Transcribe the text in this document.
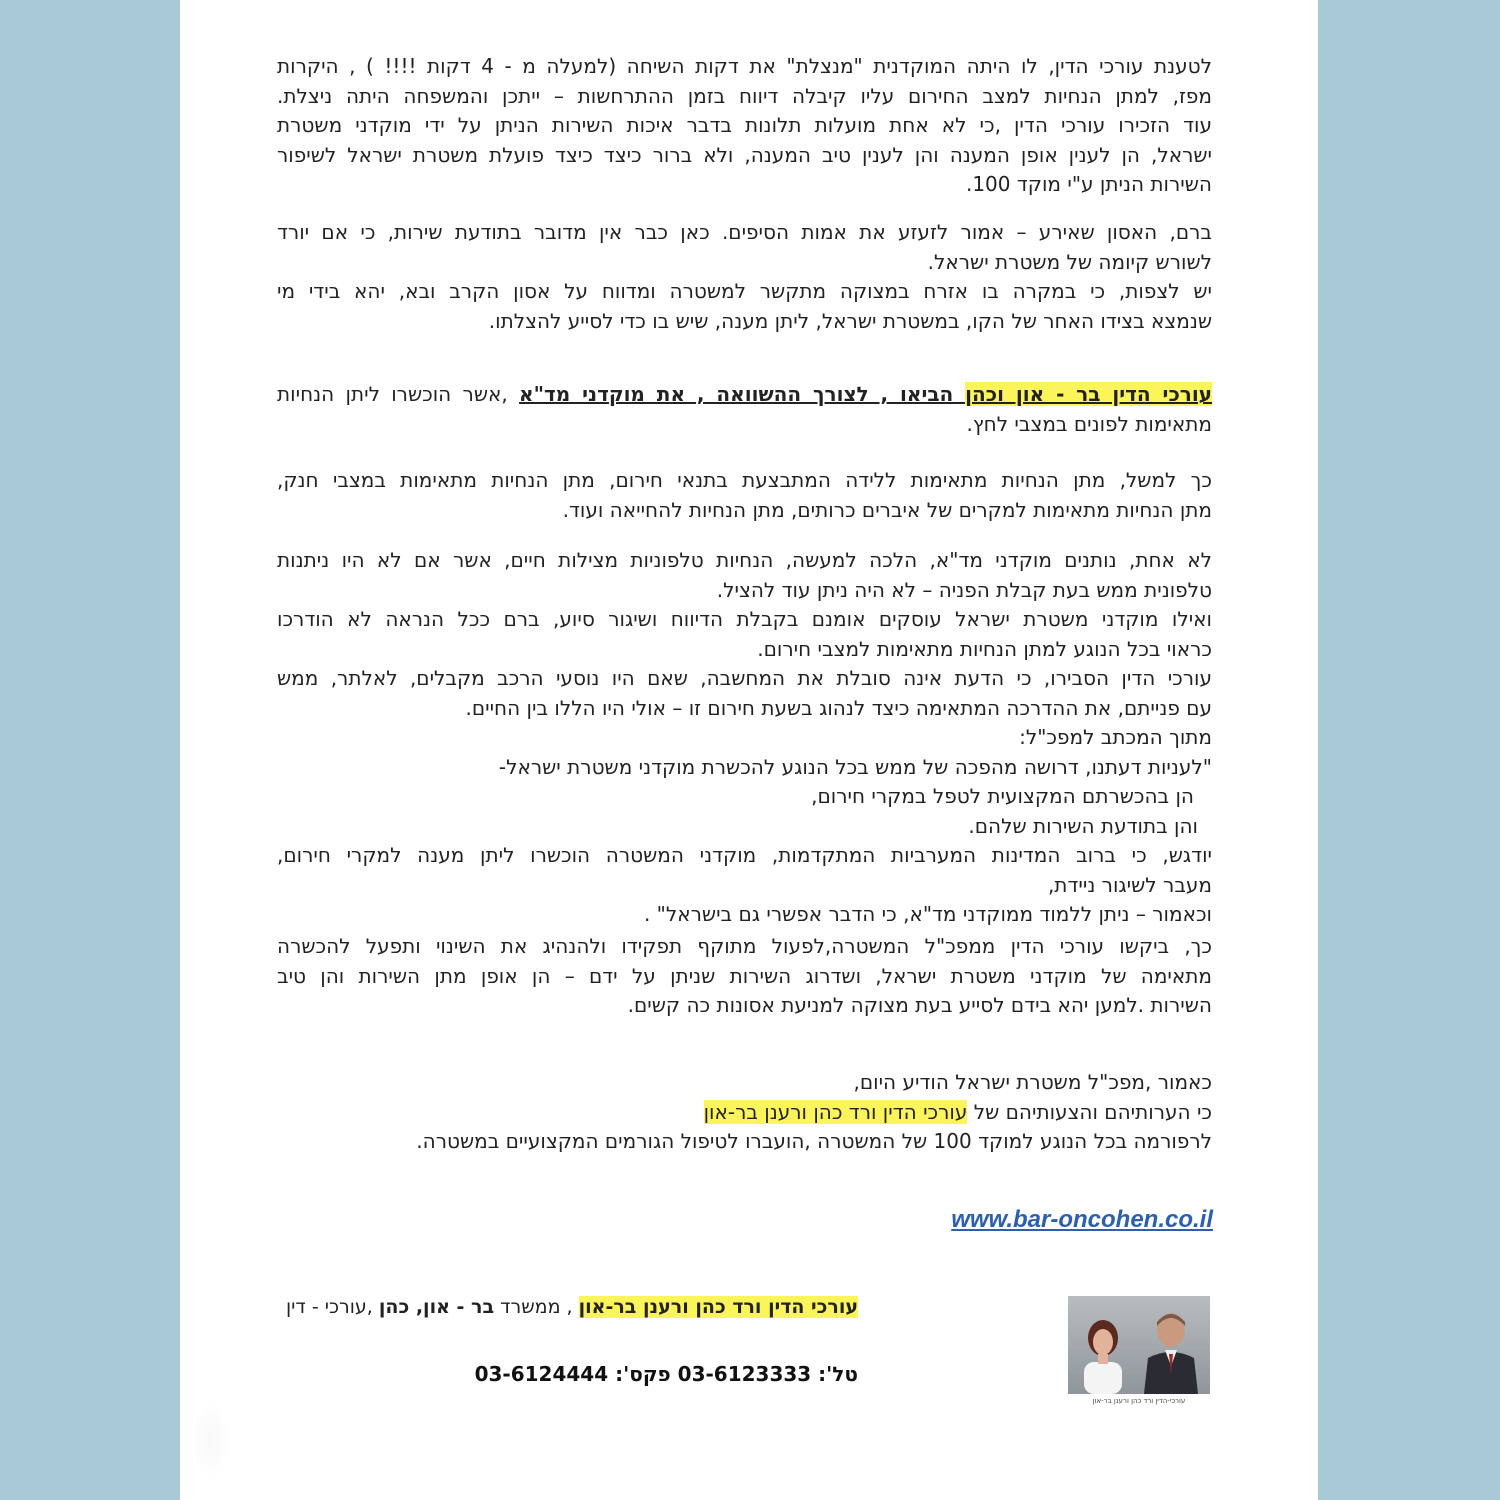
לטענת עורכי הדין, לו היתה המוקדנית "מנצלת" את דקות השיחה (למעלה מ - 4 דקות !!!! ) , היקרות
מפז, למתן הנחיות למצב החירום עליו קיבלה דיווח בזמן ההתרחשות – ייתכן והמשפחה היתה ניצלת.
עוד הזכירו עורכי הדין ,כי לא אחת מועלות תלונות בדבר איכות השירות הניתן על ידי מוקדני משטרת
ישראל, הן לענין אופן המענה והן לענין טיב המענה, ולא ברור כיצד כיצד פועלת משטרת ישראל לשיפור
השירות הניתן ע"י מוקד 100.
ברם, האסון שאירע – אמור לזעזע את אמות הסיפים. כאן כבר אין מדובר בתודעת שירות, כי אם יורד
לשורש קיומה של משטרת ישראל.
יש לצפות, כי במקרה בו אזרח במצוקה מתקשר למשטרה ומדווח על אסון הקרב ובא, יהא בידי מי
שנמצא בצידו האחר של הקו, במשטרת ישראל, ליתן מענה, שיש בו כדי לסייע להצלתו.
עורכי הדין בר - און וכהן הביאו , לצורך ההשוואה , את מוקדני מד"א ,אשר הוכשרו ליתן הנחיות
מתאימות לפונים במצבי לחץ.
כך למשל, מתן הנחיות מתאימות ללידה המתבצעת בתנאי חירום, מתן הנחיות מתאימות במצבי חנק,
מתן הנחיות מתאימות למקרים של איברים כרותים, מתן הנחיות להחייאה ועוד.
לא אחת, נותנים מוקדני מד"א, הלכה למעשה, הנחיות טלפוניות מצילות חיים, אשר אם לא היו ניתנות
טלפונית ממש בעת קבלת הפניה – לא היה ניתן עוד להציל.
ואילו מוקדני משטרת ישראל עוסקים אומנם בקבלת הדיווח ושיגור סיוע, ברם ככל הנראה לא הודרכו
כראוי בכל הנוגע למתן הנחיות מתאימות למצבי חירום.
עורכי הדין הסבירו, כי הדעת אינה סובלת את המחשבה, שאם היו נוסעי הרכב מקבלים, לאלתר, ממש
עם פנייתם, את ההדרכה המתאימה כיצד לנהוג בשעת חירום זו – אולי היו הללו בין החיים.
מתוך המכתב למפכ"ל:
"לעניות דעתנו, דרושה מהפכה של ממש בכל הנוגע להכשרת מוקדני משטרת ישראל-
הן בהכשרתם המקצועית לטפל במקרי חירום,
והן בתודעת השירות שלהם.
יודגש, כי ברוב המדינות המערביות המתקדמות, מוקדני המשטרה הוכשרו ליתן מענה למקרי חירום,
מעבר לשיגור ניידת,
וכאמור – ניתן ללמוד ממוקדני מד"א, כי הדבר אפשרי גם בישראל" .
כך, ביקשו עורכי הדין ממפכ"ל המשטרה,לפעול מתוקף תפקידו ולהנהיג את השינוי ותפעל להכשרה
מתאימה של מוקדני משטרת ישראל, ושדרוג השירות שניתן על ידם – הן אופן מתן השירות והן טיב
השירות .למען יהא בידם לסייע בעת מצוקה למניעת אסונות כה קשים.
כאמור ,מפכ"ל משטרת ישראל הודיע היום,
כי הערותיהם והצעותיהם של עורכי הדין ורד כהן ורענן בר-און
לרפורמה בכל הנוגע למוקד 100 של המשטרה ,הועברו לטיפול הגורמים המקצועיים במשטרה.
www.bar-oncohen.co.il
עורכי הדין ורד כהן ורענן בר-און , ממשרד בר - און, כהן ,עורכי - דין
טל': 03-6123333 פקס': 03-6124444
עורכי-הדין ורד כהן ורענן בר-און
